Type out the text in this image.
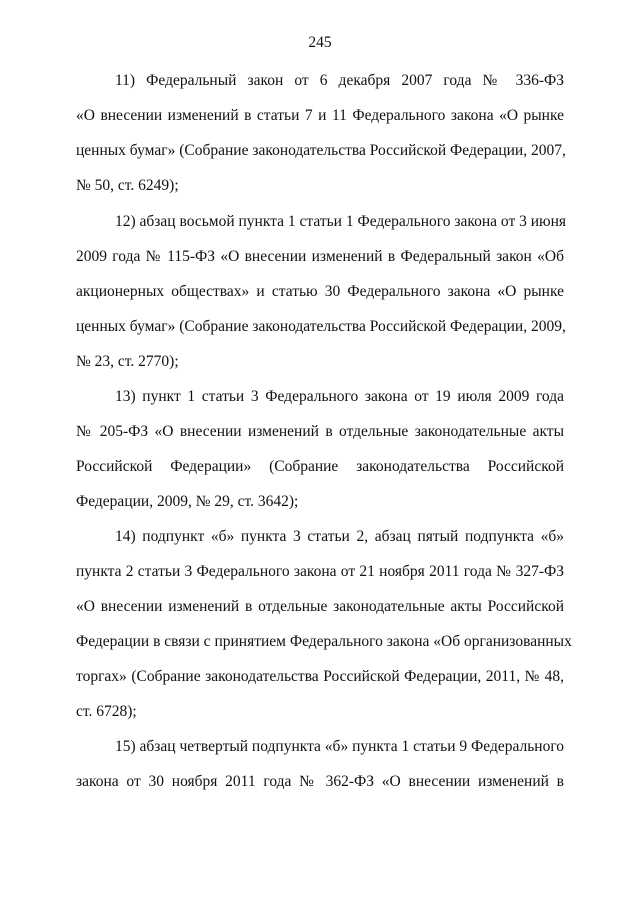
245
11) Федеральный закон от 6 декабря 2007 года № 336-ФЗ
«О внесении изменений в статьи 7 и 11 Федерального закона «О рынке
ценных бумаг» (Собрание законодательства Российской Федерации, 2007,
№ 50, ст. 6249);
12) абзац восьмой пункта 1 статьи 1 Федерального закона от 3 июня
2009 года № 115-ФЗ «О внесении изменений в Федеральный закон «Об
акционерных обществах» и статью 30 Федерального закона «О рынке
ценных бумаг» (Собрание законодательства Российской Федерации, 2009,
№ 23, ст. 2770);
13) пункт 1 статьи 3 Федерального закона от 19 июля 2009 года
№ 205-ФЗ «О внесении изменений в отдельные законодательные акты
Российской Федерации» (Собрание законодательства Российской
Федерации, 2009, № 29, ст. 3642);
14) подпункт «б» пункта 3 статьи 2, абзац пятый подпункта «б»
пункта 2 статьи 3 Федерального закона от 21 ноября 2011 года № 327-ФЗ
«О внесении изменений в отдельные законодательные акты Российской
Федерации в связи с принятием Федерального закона «Об организованных
торгах» (Собрание законодательства Российской Федерации, 2011, № 48,
ст. 6728);
15) абзац четвертый подпункта «б» пункта 1 статьи 9 Федерального
закона от 30 ноября 2011 года № 362-ФЗ «О внесении изменений в
